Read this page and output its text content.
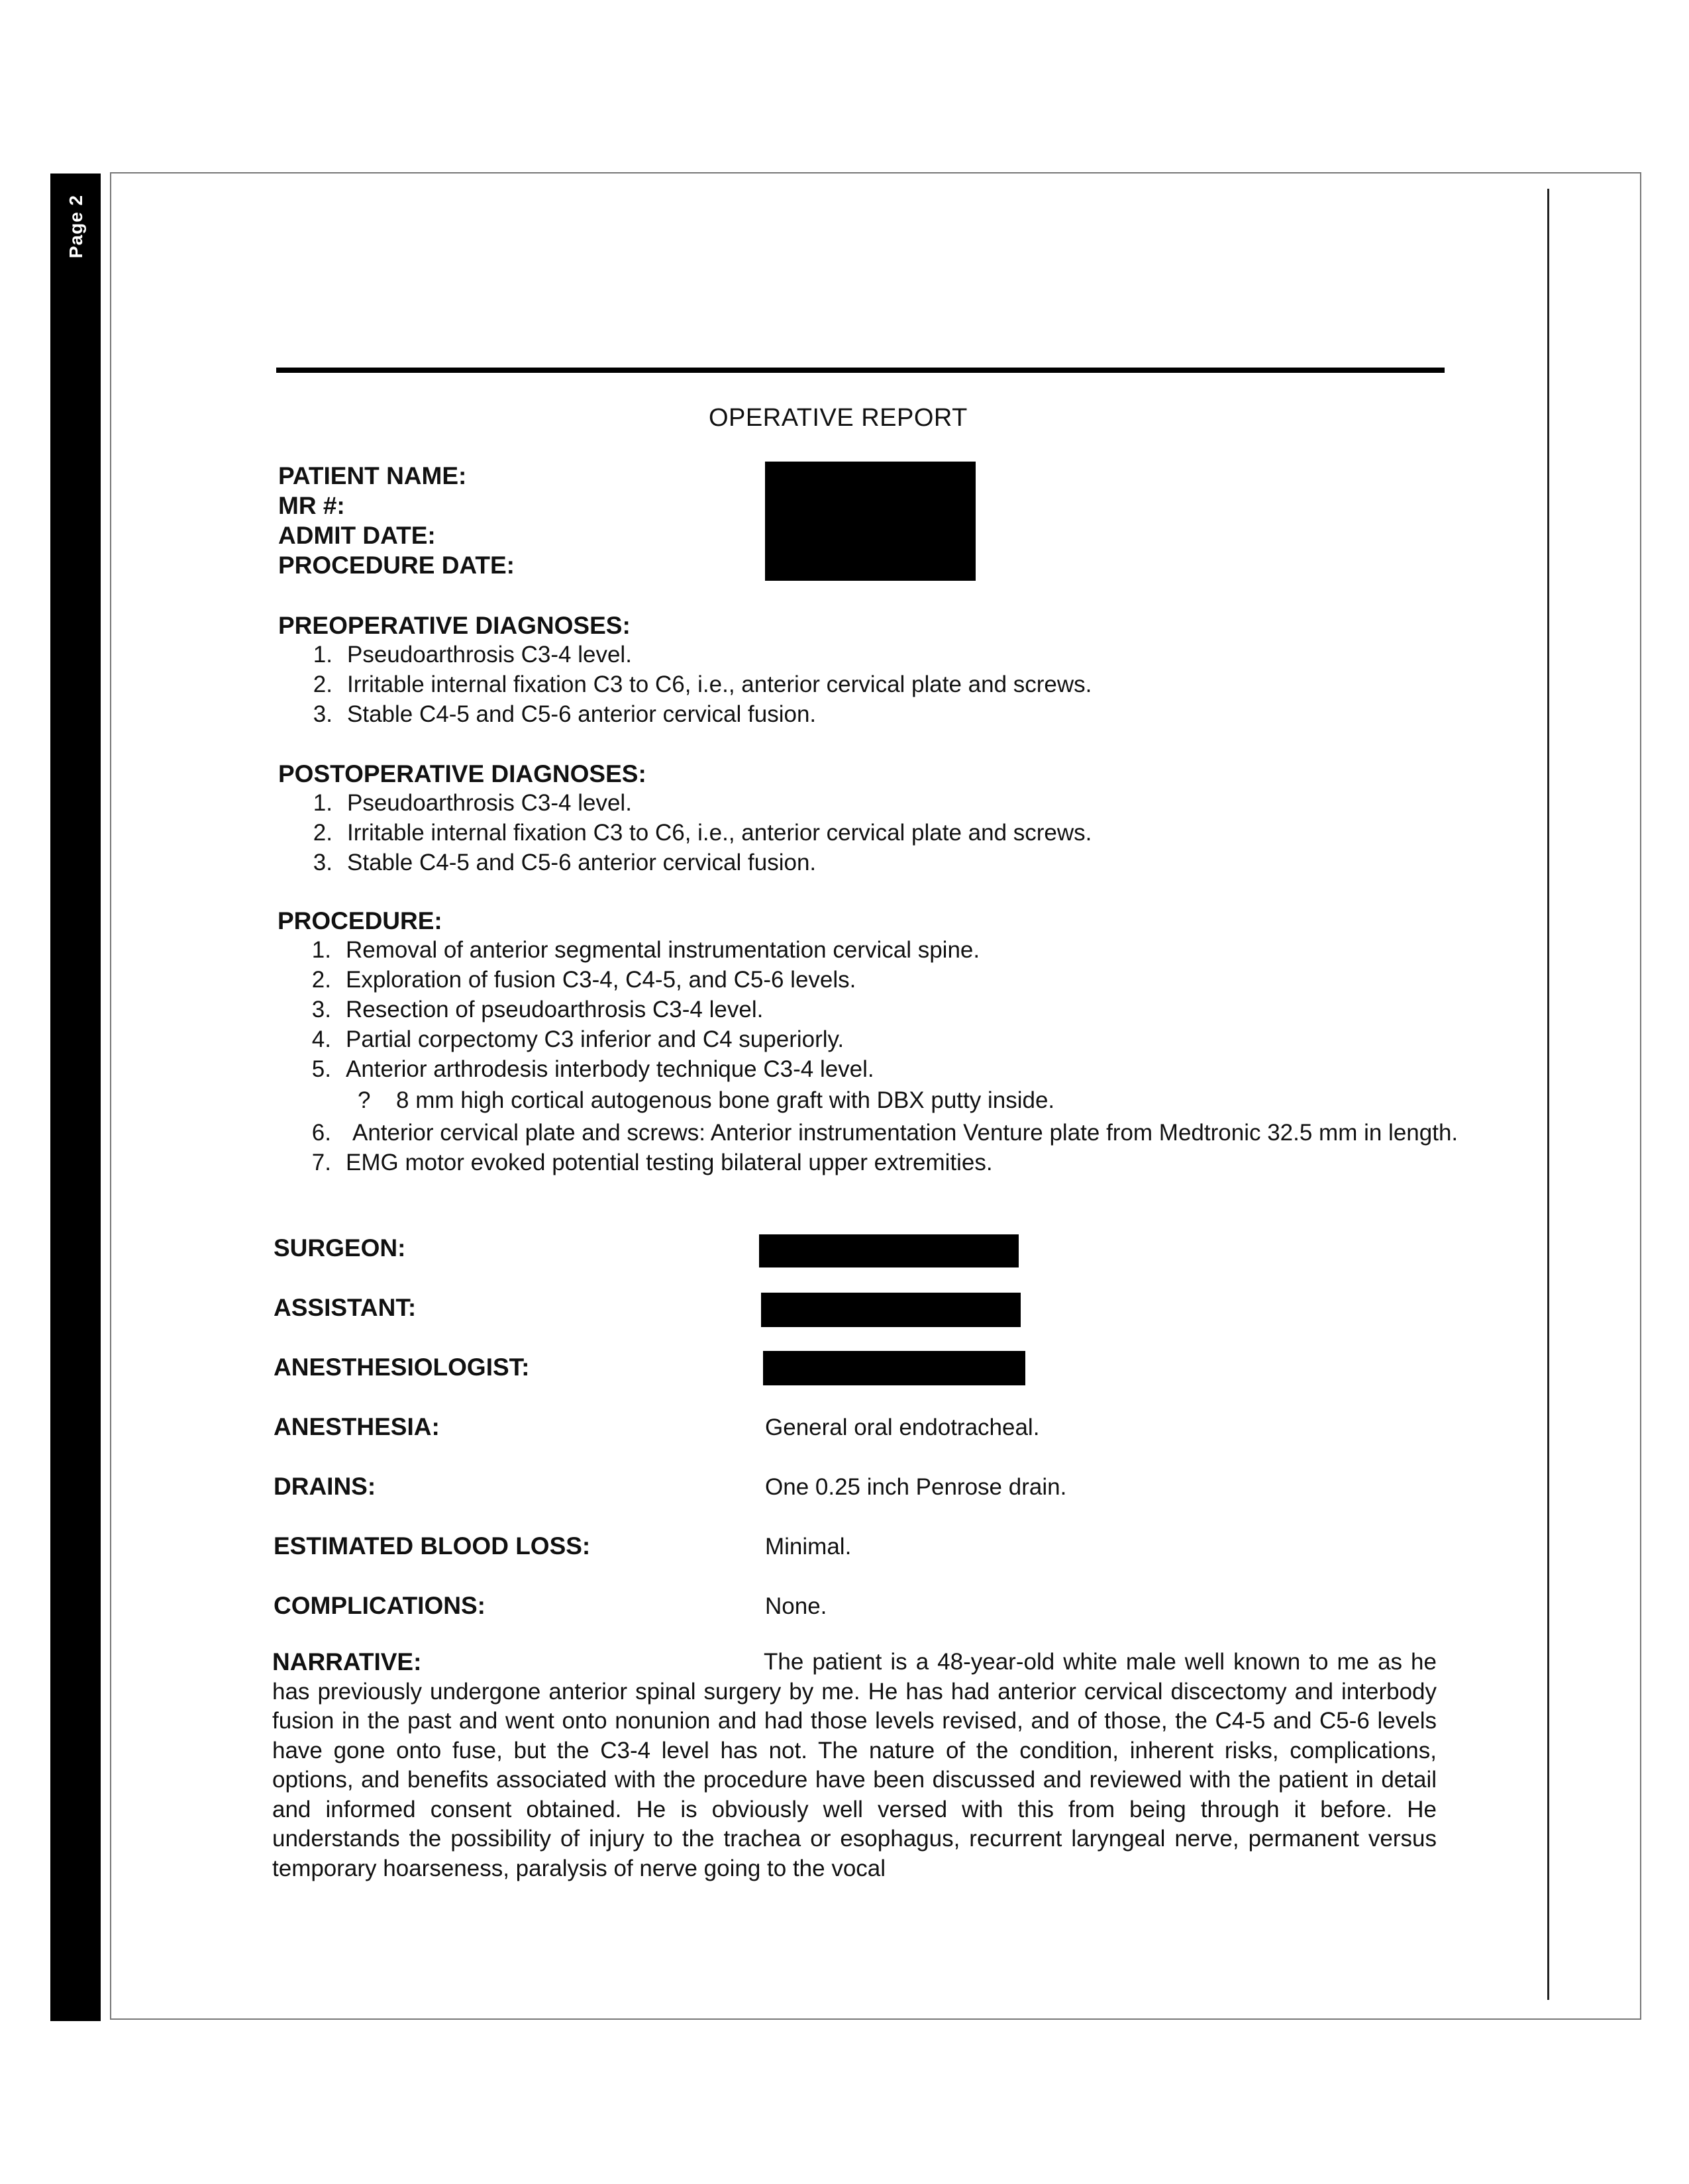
Page 2
OPERATIVE REPORT
PATIENT NAME:
MR #:
ADMIT DATE:
PROCEDURE DATE:
PREOPERATIVE DIAGNOSES:
1. Pseudoarthrosis C3-4 level.
2. Irritable internal fixation C3 to C6, i.e., anterior cervical plate and screws.
3. Stable C4-5 and C5-6 anterior cervical fusion.
POSTOPERATIVE DIAGNOSES:
1. Pseudoarthrosis C3-4 level.
2. Irritable internal fixation C3 to C6, i.e., anterior cervical plate and screws.
3. Stable C4-5 and C5-6 anterior cervical fusion.
PROCEDURE:
1. Removal of anterior segmental instrumentation cervical spine.
2. Exploration of fusion C3-4, C4-5, and C5-6 levels.
3. Resection of pseudoarthrosis C3-4 level.
4. Partial corpectomy C3 inferior and C4 superiorly.
5. Anterior arthrodesis interbody technique C3-4 level.
? 8 mm high cortical autogenous bone graft with DBX putty inside.
6. Anterior cervical plate and screws: Anterior instrumentation Venture plate from Medtronic 32.5 mm in length.
7. EMG motor evoked potential testing bilateral upper extremities.
SURGEON:
ASSISTANT:
ANESTHESIOLOGIST:
ANESTHESIA:	General oral endotracheal.
DRAINS:	One 0.25 inch Penrose drain.
ESTIMATED BLOOD LOSS:	Minimal.
COMPLICATIONS:	None.
NARRATIVE:	The patient is a 48-year-old white male well known to me as he has previously undergone anterior spinal surgery by me. He has had anterior cervical discectomy and interbody fusion in the past and went onto nonunion and had those levels revised, and of those, the C4-5 and C5-6 levels have gone onto fuse, but the C3-4 level has not. The nature of the condition, inherent risks, complications, options, and benefits associated with the procedure have been discussed and reviewed with the patient in detail and informed consent obtained. He is obviously well versed with this from being through it before. He understands the possibility of injury to the trachea or esophagus, recurrent laryngeal nerve, permanent versus temporary hoarseness, paralysis of nerve going to the vocal
